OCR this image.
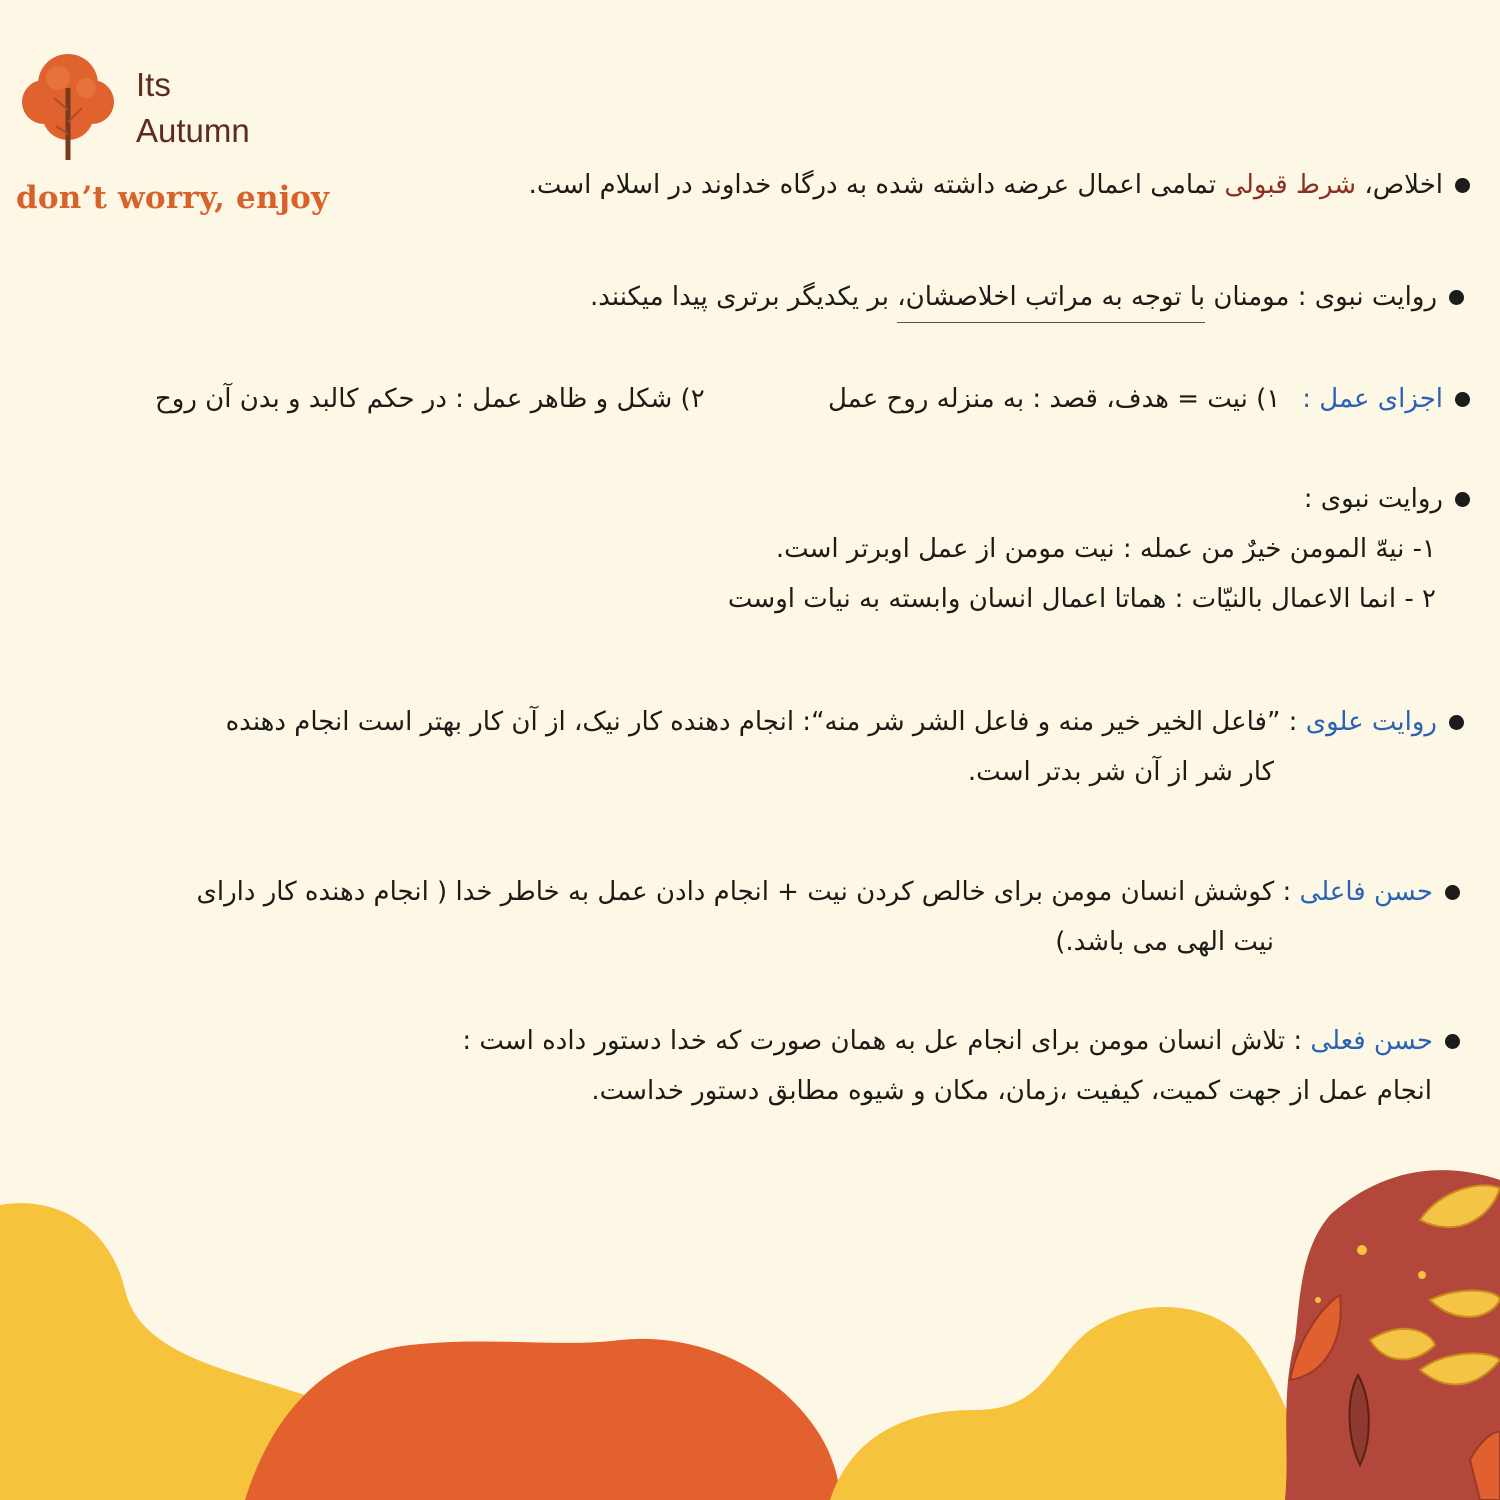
Its
Autumn
don’t worry, enjoy	اخلاص، شرط قبولی تمامی اعمال عرضه داشته شده به درگاه خداوند در اسلام است.
روایت نبوی : مومنان با توجه به مراتب اخلاصشان، بر یکدیگر برتری پیدا میکنند.
اجزای عمل :۱) نیت = هدف، قصد : به منزله روح عمل
۲) شکل و ظاهر عمل : در حکم کالبد و بدن آن روح
روایت نبوی :
۱- نیهّ المومن خیرٌ من عمله : نیت مومن از عمل اوبرتر است.
۲ - انما الاعمال بالنیّات : هماتا اعمال انسان وابسته به نیات اوست
روایت علوی : ”فاعل الخیر خیر منه و فاعل الشر شر منه“: انجام دهنده کار نیک، از آن کار بهتر است انجام دهنده
کار شر از آن شر بدتر است.
حسن فاعلی : کوشش انسان مومن برای خالص کردن نیت + انجام دادن عمل به خاطر خدا ( انجام دهنده کار دارای
نیت الهی می باشد.)
حسن فعلی : تلاش انسان مومن برای انجام عل به همان صورت که خدا دستور داده است :
انجام عمل از جهت کمیت، کیفیت ،زمان، مکان و شیوه مطابق دستور خداست.
